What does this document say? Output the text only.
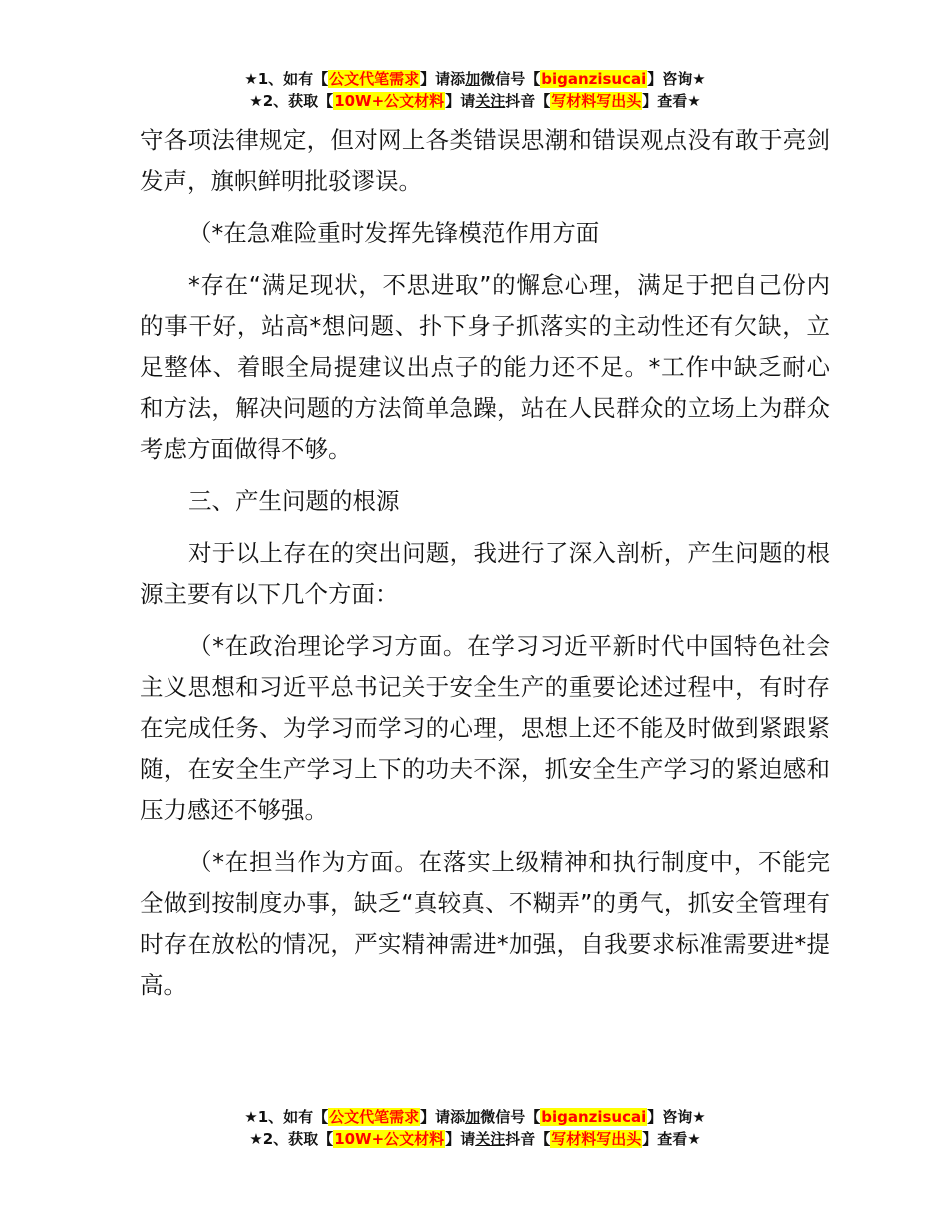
★1、如有【公文代笔需求】请添加微信号【biganzisucai】咨询★
★2、获取【10W+公文材料】请关注抖音【写材料写出头】查看★

守各项法律规定，但对网上各类错误思潮和错误观点没有敢于亮剑发声，旗帜鲜明批驳谬误。

（*在急难险重时发挥先锋模范作用方面

*存在“满足现状，不思进取”的懈怠心理，满足于把自己份内的事干好，站高*想问题、扑下身子抓落实的主动性还有欠缺，立足整体、着眼全局提建议出点子的能力还不足。*工作中缺乏耐心和方法，解决问题的方法简单急躁，站在人民群众的立场上为群众考虑方面做得不够。

三、产生问题的根源

对于以上存在的突出问题，我进行了深入剖析，产生问题的根源主要有以下几个方面：

（*在政治理论学习方面。在学习习近平新时代中国特色社会主义思想和习近平总书记关于安全生产的重要论述过程中，有时存在完成任务、为学习而学习的心理，思想上还不能及时做到紧跟紧随，在安全生产学习上下的功夫不深，抓安全生产学习的紧迫感和压力感还不够强。

（*在担当作为方面。在落实上级精神和执行制度中，不能完全做到按制度办事，缺乏“真较真、不糊弄”的勇气，抓安全管理有时存在放松的情况，严实精神需进*加强，自我要求标准需要进*提高。

★1、如有【公文代笔需求】请添加微信号【biganzisucai】咨询★
★2、获取【10W+公文材料】请关注抖音【写材料写出头】查看★
